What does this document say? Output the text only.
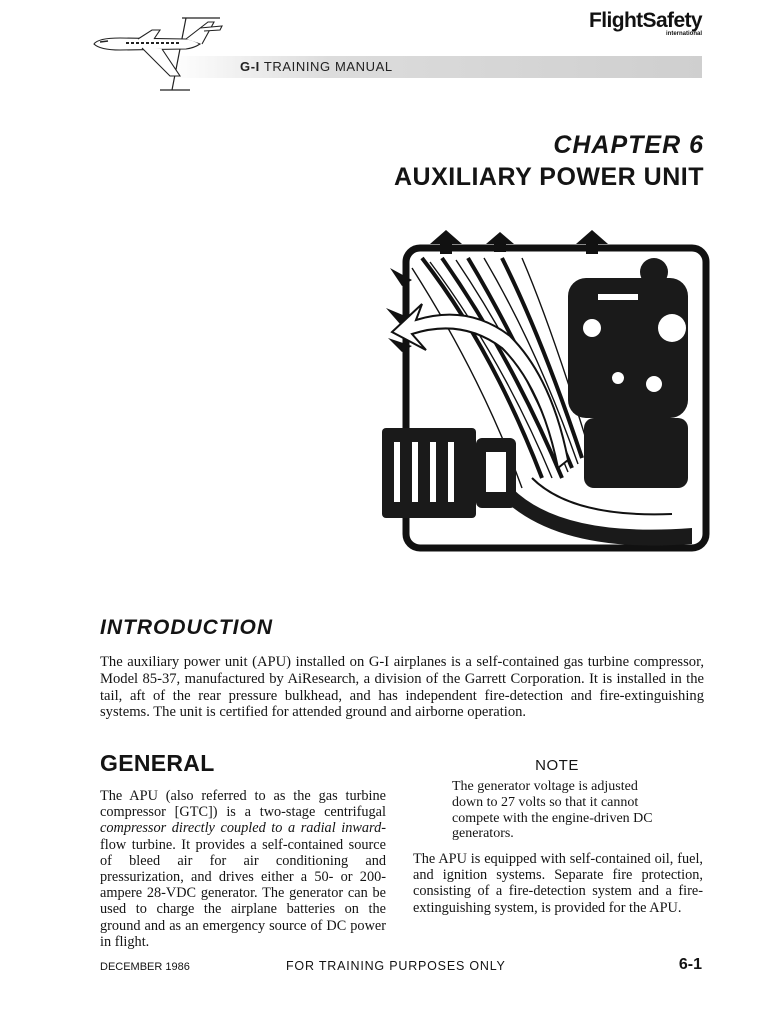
G-I TRAINING MANUAL
FlightSafety
international
CHAPTER 6
AUXILIARY POWER UNIT
INTRODUCTION

The auxiliary power unit (APU) installed on G-I airplanes is a self-contained gas turbine compressor, Model 85-37, manufactured by AiResearch, a division of the Garrett Corporation. It is installed in the tail, aft of the rear pressure bulkhead, and has independent fire-detection and fire-extinguishing systems. The unit is certified for attended ground and airborne operation.

GENERAL

The APU (also referred to as the gas turbine compressor [GTC]) is a two-stage centrifugal compressor directly coupled to a radial inward-flow turbine. It provides a self-contained source of bleed air for air conditioning and pressurization, and drives either a 50- or 200-ampere 28-VDC generator. The generator can be used to charge the airplane batteries on the ground and as an emergency source of DC power in flight.

NOTE

The generator voltage is adjusted down to 27 volts so that it cannot compete with the engine-driven DC generators.

The APU is equipped with self-contained oil, fuel, and ignition systems. Separate fire protection, consisting of a fire-detection system and a fire-extinguishing system, is provided for the APU.

DECEMBER 1986	FOR TRAINING PURPOSES ONLY	6-1
